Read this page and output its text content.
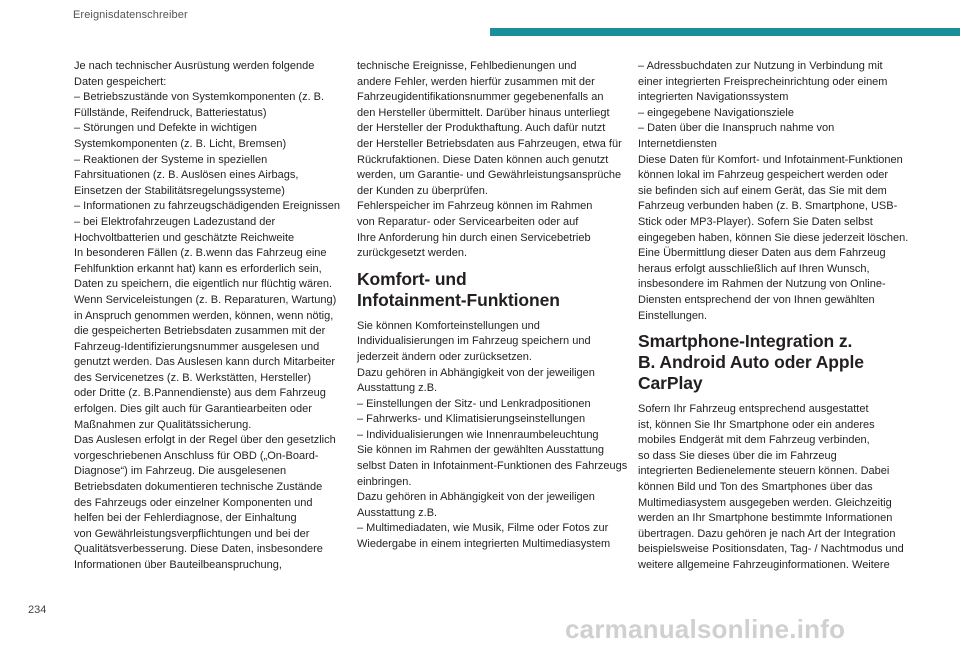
Ereignisdatenschreiber
Je nach technischer Ausrüstung werden folgende
Daten gespeichert:
– Betriebszustände von Systemkomponenten (z. B.
Füllstände, Reifendruck, Batteriestatus)
– Störungen und Defekte in wichtigen
Systemkomponenten (z. B. Licht, Bremsen)
– Reaktionen der Systeme in speziellen
Fahrsituationen (z. B. Auslösen eines Airbags,
Einsetzen der Stabilitätsregelungssysteme)
– Informationen zu fahrzeugschädigenden Ereignissen
– bei Elektrofahrzeugen Ladezustand der
Hochvoltbatterien und geschätzte Reichweite
In besonderen Fällen (z. B.wenn das Fahrzeug eine
Fehlfunktion erkannt hat) kann es erforderlich sein,
Daten zu speichern, die eigentlich nur flüchtig wären.
Wenn Serviceleistungen (z. B. Reparaturen, Wartung)
in Anspruch genommen werden, können, wenn nötig,
die gespeicherten Betriebsdaten zusammen mit der
Fahrzeug-Identifizierungsnummer ausgelesen und
genutzt werden. Das Auslesen kann durch Mitarbeiter
des Servicenetzes (z. B. Werkstätten, Hersteller)
oder Dritte (z. B.Pannendienste) aus dem Fahrzeug
erfolgen. Dies gilt auch für Garantiearbeiten oder
Maßnahmen zur Qualitätssicherung.
Das Auslesen erfolgt in der Regel über den gesetzlich
vorgeschriebenen Anschluss für OBD („On-Board-
Diagnose“) im Fahrzeug. Die ausgelesenen
Betriebsdaten dokumentieren technische Zustände
des Fahrzeugs oder einzelner Komponenten und
helfen bei der Fehlerdiagnose, der Einhaltung
von Gewährleistungsverpflichtungen und bei der
Qualitätsverbesserung. Diese Daten, insbesondere
Informationen über Bauteilbeanspruchung,
technische Ereignisse, Fehlbedienungen und
andere Fehler, werden hierfür zusammen mit der
Fahrzeugidentifikationsnummer gegebenenfalls an
den Hersteller übermittelt. Darüber hinaus unterliegt
der Hersteller der Produkthaftung. Auch dafür nutzt
der Hersteller Betriebsdaten aus Fahrzeugen, etwa für
Rückrufaktionen. Diese Daten können auch genutzt
werden, um Garantie- und Gewährleistungsansprüche
der Kunden zu überprüfen.
Fehlerspeicher im Fahrzeug können im Rahmen
von Reparatur- oder Servicearbeiten oder auf
Ihre Anforderung hin durch einen Servicebetrieb
zurückgesetzt werden.
Komfort- und
Infotainment-Funktionen
Sie können Komforteinstellungen und
Individualisierungen im Fahrzeug speichern und
jederzeit ändern oder zurücksetzen.
Dazu gehören in Abhängigkeit von der jeweiligen
Ausstattung z.B.
– Einstellungen der Sitz- und Lenkradpositionen
– Fahrwerks- und Klimatisierungseinstellungen
– Individualisierungen wie Innenraumbeleuchtung
Sie können im Rahmen der gewählten Ausstattung
selbst Daten in Infotainment-Funktionen des Fahrzeugs
einbringen.
Dazu gehören in Abhängigkeit von der jeweiligen
Ausstattung z.B.
– Multimediadaten, wie Musik, Filme oder Fotos zur
Wiedergabe in einem integrierten Multimediasystem
– Adressbuchdaten zur Nutzung in Verbindung mit
einer integrierten Freisprecheinrichtung oder einem
integrierten Navigationssystem
– eingegebene Navigationsziele
– Daten über die Inanspruch nahme von
Internetdiensten
Diese Daten für Komfort- und Infotainment-Funktionen
können lokal im Fahrzeug gespeichert werden oder
sie befinden sich auf einem Gerät, das Sie mit dem
Fahrzeug verbunden haben (z. B. Smartphone, USB-
Stick oder MP3-Player). Sofern Sie Daten selbst
eingegeben haben, können Sie diese jederzeit löschen.
Eine Übermittlung dieser Daten aus dem Fahrzeug
heraus erfolgt ausschließlich auf Ihren Wunsch,
insbesondere im Rahmen der Nutzung von Online-
Diensten entsprechend der von Ihnen gewählten
Einstellungen.
Smartphone-Integration z.
B. Android Auto oder Apple
CarPlay
Sofern Ihr Fahrzeug entsprechend ausgestattet
ist, können Sie Ihr Smartphone oder ein anderes
mobiles Endgerät mit dem Fahrzeug verbinden,
so dass Sie dieses über die im Fahrzeug
integrierten Bedienelemente steuern können. Dabei
können Bild und Ton des Smartphones über das
Multimediasystem ausgegeben werden. Gleichzeitig
werden an Ihr Smartphone bestimmte Informationen
übertragen. Dazu gehören je nach Art der Integration
beispielsweise Positionsdaten, Tag- / Nachtmodus und
weitere allgemeine Fahrzeuginformationen. Weitere
234
carmanualsonline.info
